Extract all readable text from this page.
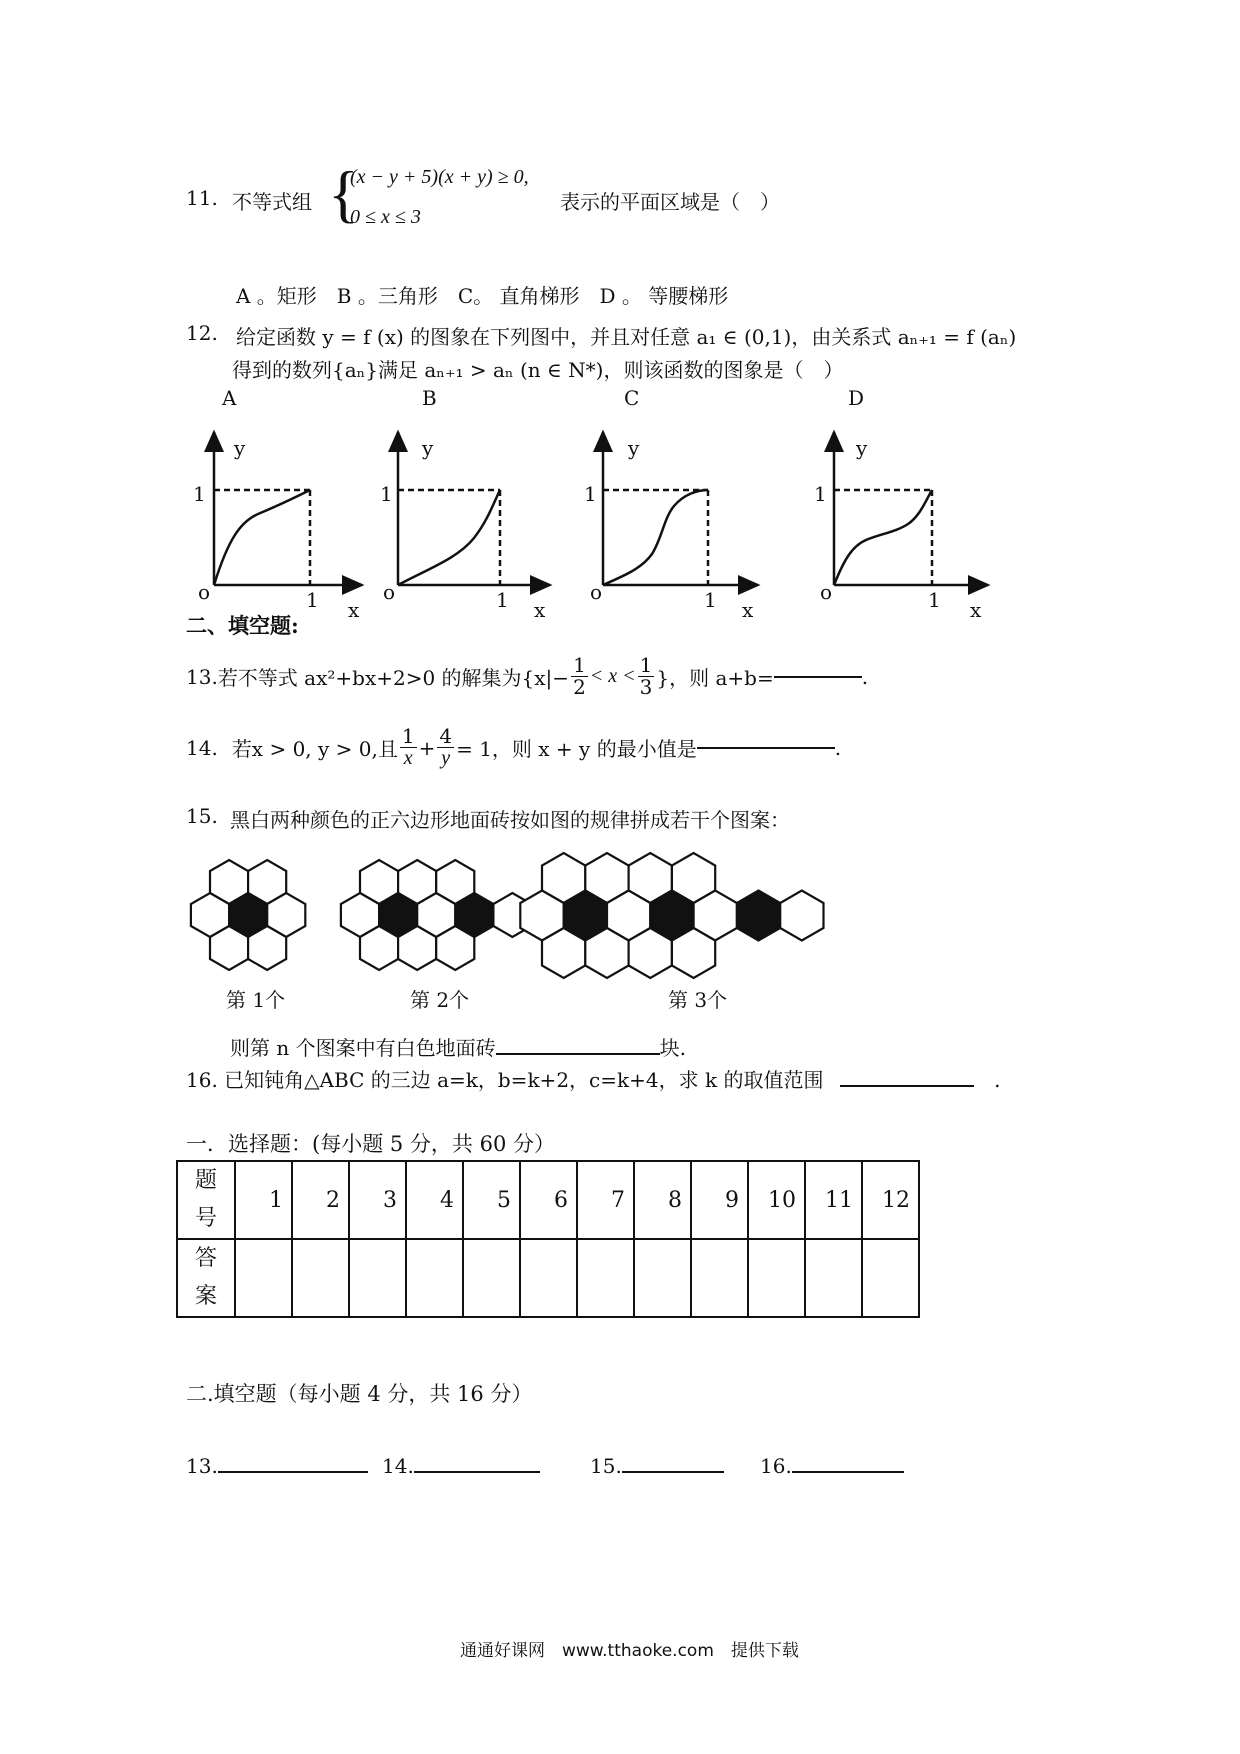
11. 不等式组 {
(x − y + 5)(x + y) ≥ 0,
0 ≤ x ≤ 3
表示的平面区域是（　）
A 。矩形　B 。三角形　C。 直角梯形　D 。 等腰梯形
12. 给定函数 y = f (x) 的图象在下列图中，并且对任意 a₁ ∈ (0,1)，由关系式 aₙ₊₁ = f (aₙ)
得到的数列{aₙ}满足 aₙ₊₁ > aₙ (n ∈ N*)，则该函数的图象是（　）
A	B	C	D
y
1
o	1 x
y
1
o	1 x
y
1
o	1 x
y
1
o	1 x
二、填空题:
13. 若不等式 ax²+bx+2>0 的解集为{$x|- \frac{1}{2} < x < \frac{1}{3}$ }，则 a+b=	.
14. 若x > 0, y > 0,且 $\frac{1}{x} + \frac{4}{y} = 1$，则 x + y 的最小值是	.
15. 黑白两种颜色的正六边形地面砖按如图的规律拼成若干个图案：
第 1个	第 2个	第 3个
则第 n 个图案中有白色地面砖	块.
16. 已知钝角△ABC 的三边 a=k，b=k+2，c=k+4，求 k 的取值范围	.
一．选择题：(每小题 5 分，共 60 分）
题号	1	2	3	4	5	6	7	8	9	10	11	12
答案												
二.填空题（每小题 4 分，共 16 分）
13.	14.	15.	16.
通通好课网　www.tthaoke.com　提供下载
